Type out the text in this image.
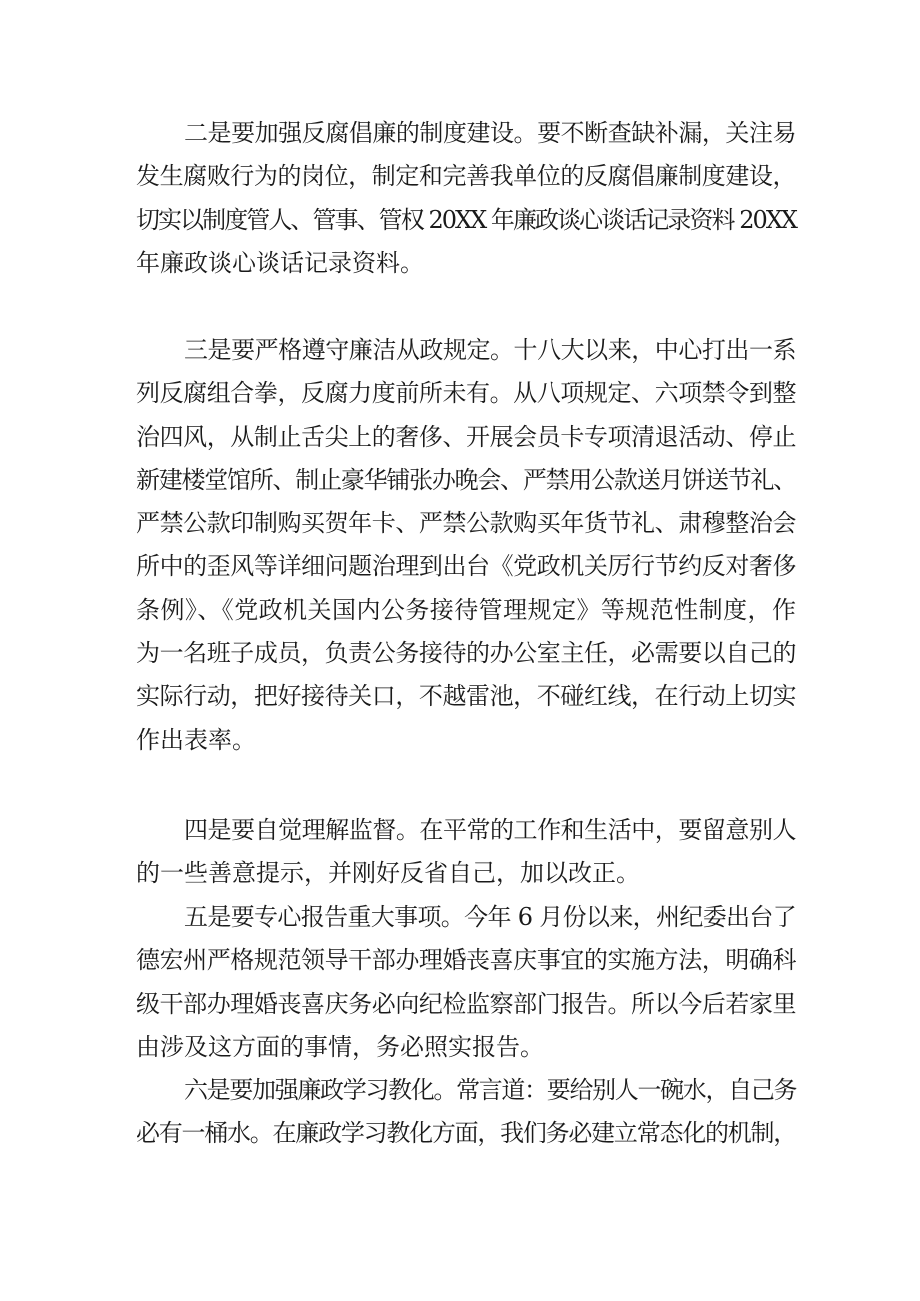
二是要加强反腐倡廉的制度建设。要不断查缺补漏，关注易
发生腐败行为的岗位，制定和完善我单位的反腐倡廉制度建设，
切实以制度管人、管事、管权 20XX 年廉政谈心谈话记录资料 20XX
年廉政谈心谈话记录资料。

三是要严格遵守廉洁从政规定。十八大以来，中心打出一系
列反腐组合拳，反腐力度前所未有。从八项规定、六项禁令到整
治四风，从制止舌尖上的奢侈、开展会员卡专项清退活动、停止
新建楼堂馆所、制止豪华铺张办晚会、严禁用公款送月饼送节礼、
严禁公款印制购买贺年卡、严禁公款购买年货节礼、肃穆整治会
所中的歪风等详细问题治理到出台《党政机关厉行节约反对奢侈
条例》、《党政机关国内公务接待管理规定》等规范性制度，作
为一名班子成员，负责公务接待的办公室主任，必需要以自己的
实际行动，把好接待关口，不越雷池，不碰红线，在行动上切实
作出表率。

四是要自觉理解监督。在平常的工作和生活中，要留意别人
的一些善意提示，并刚好反省自己，加以改正。

五是要专心报告重大事项。今年 6 月份以来，州纪委出台了
德宏州严格规范领导干部办理婚丧喜庆事宜的实施方法，明确科
级干部办理婚丧喜庆务必向纪检监察部门报告。所以今后若家里
由涉及这方面的事情，务必照实报告。

六是要加强廉政学习教化。常言道：要给别人一碗水，自己务
必有一桶水。在廉政学习教化方面，我们务必建立常态化的机制，
